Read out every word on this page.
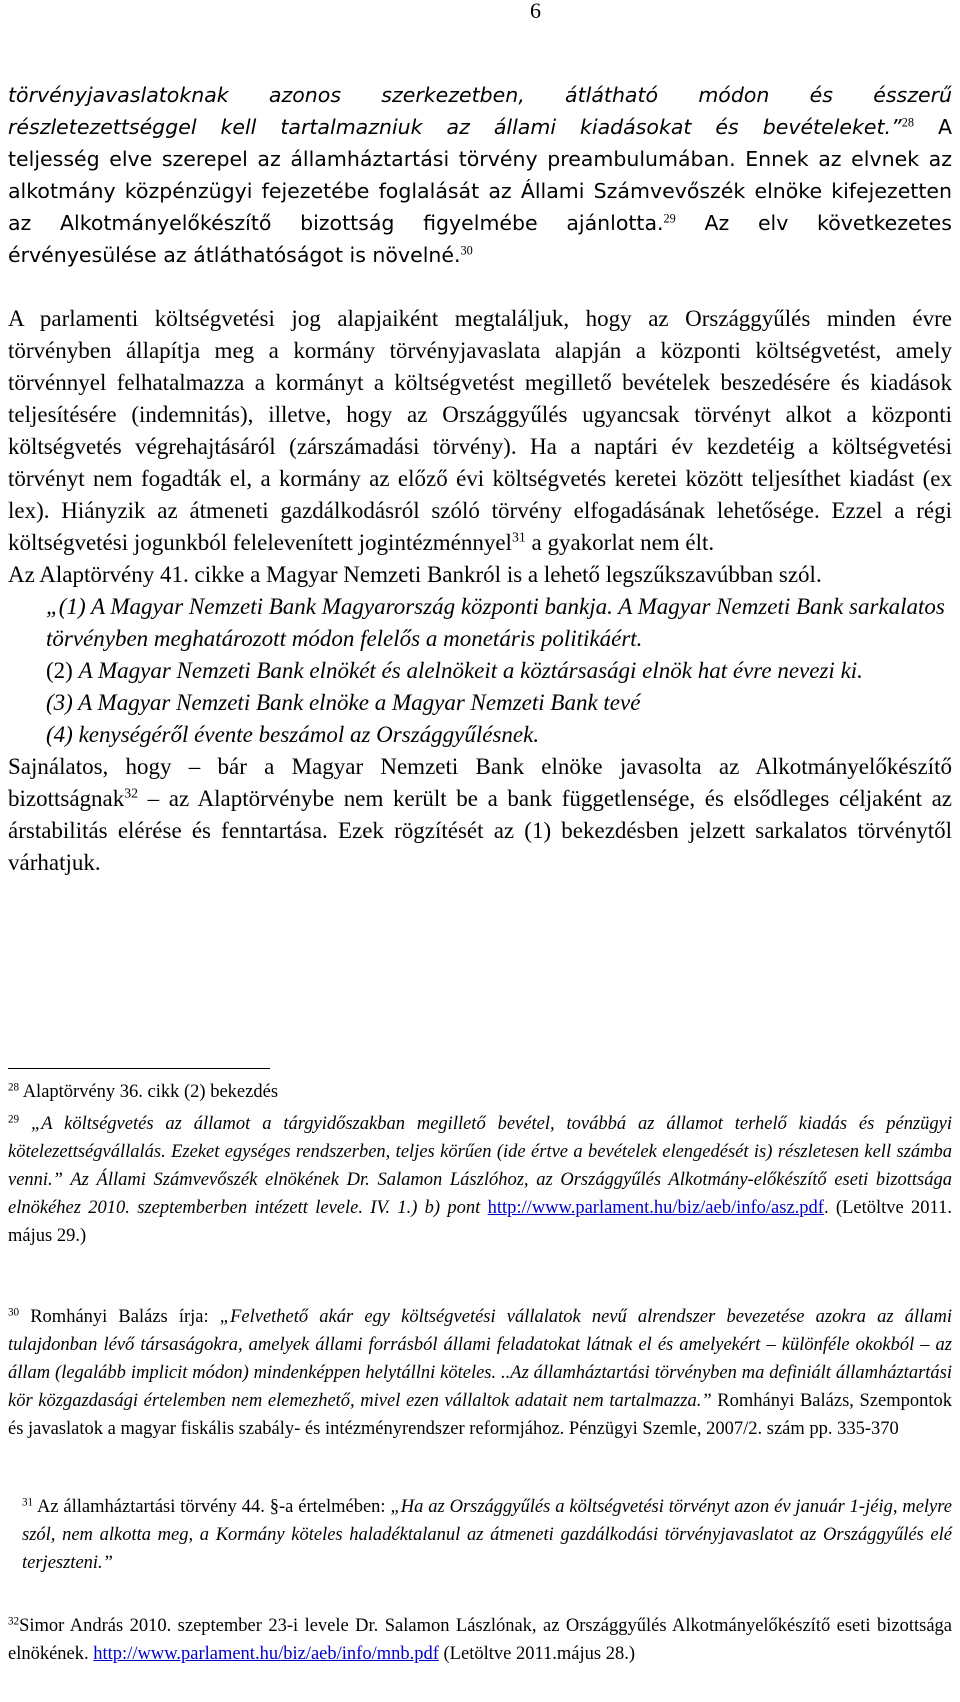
6

törvényjavaslatoknak azonos szerkezetben, átlátható módon és ésszerű

részletezettséggel kell tartalmazniuk az állami kiadásokat és bevételeket.”$^{28}$ A

teljesség elve szerepel az államháztartási törvény preambulumában. Ennek az elvnek az alkotmány közpénzügyi fejezetébe foglalását az Állami Számvevőszék elnöke kifejezetten az Alkotmányelőkészítő bizottság figyelmébe ajánlotta.$^{29}$ Az elv következetes érvényesülése az átláthatóságot is növelné.$^{30}$

A parlamenti költségvetési jog alapjaiként megtaláljuk, hogy az Országgyűlés minden évre törvényben állapítja meg a kormány törvényjavaslata alapján a központi költségvetést, amely törvénnyel felhatalmazza a kormányt a költségvetést megillető bevételek beszedésére és kiadások teljesítésére (indemnitás), illetve, hogy az Országgyűlés ugyancsak törvényt alkot a központi költségvetés végrehajtásáról (zárszámadási törvény). Ha a naptári év kezdetéig a költségvetési törvényt nem fogadták el, a kormány az előző évi költségvetés keretei között teljesíthet kiadást (ex lex). Hiányzik az átmeneti gazdálkodásról szóló törvény elfogadásának lehetősége. Ezzel a régi költségvetési jogunkból felelevenített jogintézménnyel$^{31}$ a gyakorlat nem élt.

Az Alaptörvény 41. cikke a Magyar Nemzeti Bankról is a lehető legszűkszavúbban szól.

„(1) A Magyar Nemzeti Bank Magyarország központi bankja. A Magyar Nemzeti Bank sarkalatos törvényben meghatározott módon felelős a monetáris politikáért.

(2) A Magyar Nemzeti Bank elnökét és alelnökeit a köztársasági elnök hat évre nevezi ki.

(3) A Magyar Nemzeti Bank elnöke a Magyar Nemzeti Bank tevé

(4) kenységéről évente beszámol az Országgyűlésnek.

Sajnálatos, hogy – bár a Magyar Nemzeti Bank elnöke javasolta az Alkotmányelőkészítő bizottságnak$^{32}$ – az Alaptörvénybe nem került be a bank függetlensége, és elsődleges céljaként az árstabilitás elérése és fenntartása. Ezek rögzítését az (1) bekezdésben jelzett sarkalatos törvénytől várhatjuk.

$^{28}$ Alaptörvény 36. cikk (2) bekezdés

$^{29}$ „A költségvetés az államot a tárgyidőszakban megillető bevétel, továbbá az államot terhelő kiadás és pénzügyi kötelezettségvállalás. Ezeket egységes rendszerben, teljes körűen (ide értve a bevételek elengedését is) részletesen kell számba venni.” Az Állami Számvevőszék elnökének Dr. Salamon Lászlóhoz, az Országgyűlés Alkotmány-előkészítő eseti bizottsága elnökéhez 2010. szeptemberben intézett levele. IV. 1.) b) pont http://www.parlament.hu/biz/aeb/info/asz.pdf. (Letöltve 2011. május 29.)

$^{30}$ Romhányi Balázs írja: „Felvethető akár egy költségvetési vállalatok nevű alrendszer bevezetése azokra az állami tulajdonban lévő társaságokra, amelyek állami forrásból állami feladatokat látnak el és amelyekért – különféle okokból – az állam (legalább implicit módon) mindenképpen helytállni köteles. ..Az államháztartási törvényben ma definiált államháztartási kör közgazdasági értelemben nem elemezhető, mivel ezen vállaltok adatait nem tartalmazza.” Romhányi Balázs, Szempontok és javaslatok a magyar fiskális szabály- és intézményrendszer reformjához. Pénzügyi Szemle, 2007/2. szám pp. 335-370

$^{31}$ Az államháztartási törvény 44. §-a értelmében: „Ha az Országgyűlés a költségvetési törvényt azon év január 1-jéig, melyre szól, nem alkotta meg, a Kormány köteles haladéktalanul az átmeneti gazdálkodási törvényjavaslatot az Országgyűlés elé terjeszteni.”

$^{32}$Simor András 2010. szeptember 23-i levele Dr. Salamon Lászlónak, az Országgyűlés Alkotmányelőkészítő eseti bizottsága elnökének. http://www.parlament.hu/biz/aeb/info/mnb.pdf (Letöltve 2011.május 28.)
